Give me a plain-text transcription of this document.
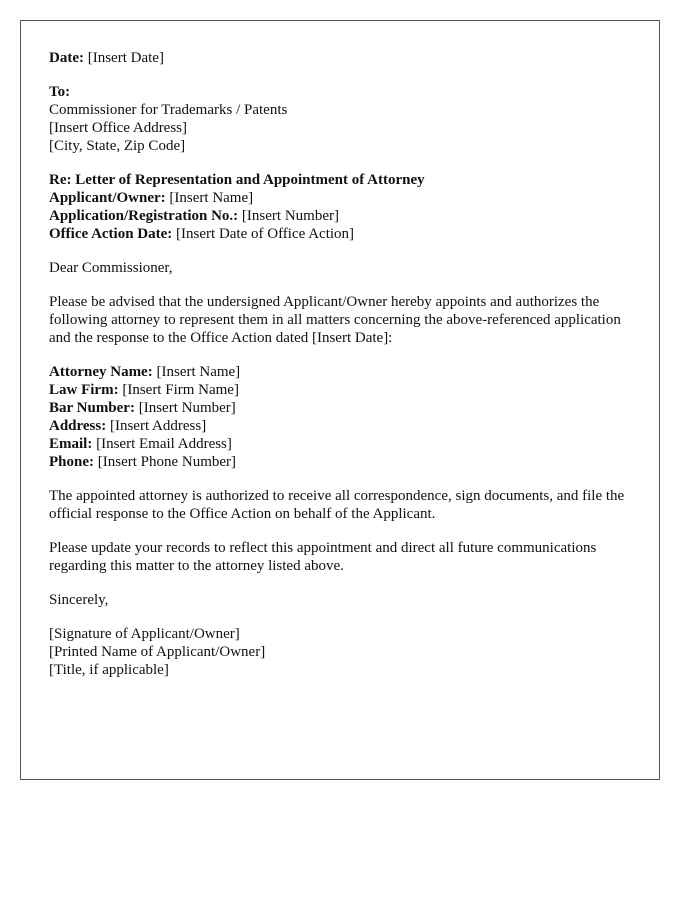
Date: [Insert Date]
To:
Commissioner for Trademarks / Patents
[Insert Office Address]
[City, State, Zip Code]
Re: Letter of Representation and Appointment of Attorney
Applicant/Owner: [Insert Name]
Application/Registration No.: [Insert Number]
Office Action Date: [Insert Date of Office Action]
Dear Commissioner,
Please be advised that the undersigned Applicant/Owner hereby appoints and authorizes the following attorney to represent them in all matters concerning the above-referenced application and the response to the Office Action dated [Insert Date]:
Attorney Name: [Insert Name]
Law Firm: [Insert Firm Name]
Bar Number: [Insert Number]
Address: [Insert Address]
Email: [Insert Email Address]
Phone: [Insert Phone Number]
The appointed attorney is authorized to receive all correspondence, sign documents, and file the official response to the Office Action on behalf of the Applicant.
Please update your records to reflect this appointment and direct all future communications regarding this matter to the attorney listed above.
Sincerely,
[Signature of Applicant/Owner]
[Printed Name of Applicant/Owner]
[Title, if applicable]
